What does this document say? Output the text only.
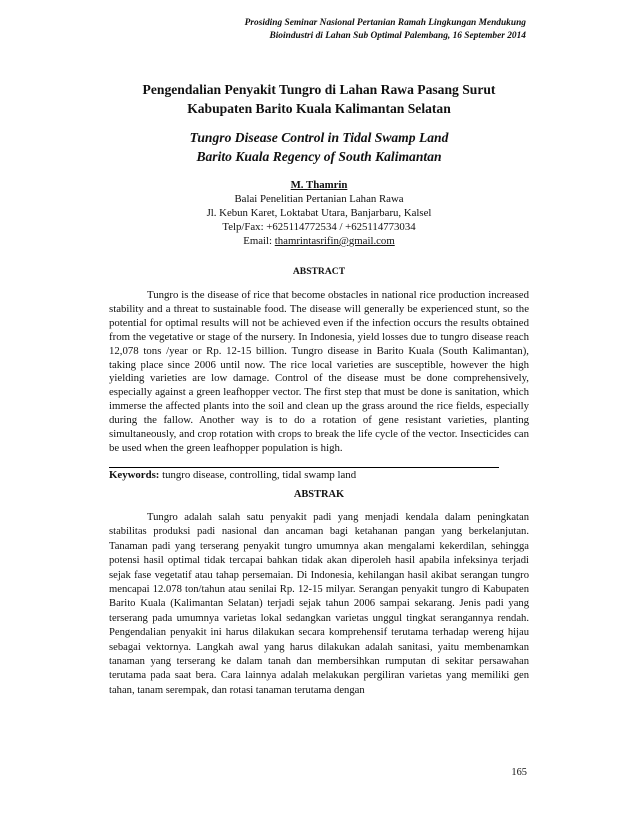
Prosiding Seminar Nasional Pertanian Ramah Lingkungan Mendukung
Bioindustri di Lahan Sub Optimal Palembang, 16 September 2014
Pengendalian Penyakit Tungro di Lahan Rawa Pasang Surut
Kabupaten Barito Kuala Kalimantan Selatan
Tungro Disease Control in Tidal Swamp Land
Barito Kuala Regency of South Kalimantan
M. Thamrin
Balai Penelitian Pertanian Lahan Rawa
Jl. Kebun Karet, Loktabat Utara, Banjarbaru, Kalsel
Telp/Fax: +625114772534 / +625114773034
Email: thamrintasrifin@gmail.com
ABSTRACT

Tungro is the disease of rice that become obstacles in national rice production increased stability and a threat to sustainable food. The disease will generally be experienced stunt, so the potential for optimal results will not be achieved even if the infection occurs the results obtained from the vegetative or stage of the nursery. In Indonesia, yield losses due to tungro disease reach 12,078 tons /year or Rp. 12-15 billion. Tungro disease in Barito Kuala (South Kalimantan), taking place since 2006 until now. The rice local varieties are susceptible, however the high yielding varieties are low damage. Control of the disease must be done comprehensively, especially against a green leafhopper vector. The first step that must be done is sanitation, which immerse the affected plants into the soil and clean up the grass around the rice fields, especially during the fallow. Another way is to do a rotation of gene resistant varieties, planting simultaneously, and crop rotation with crops to break the life cycle of the vector. Insecticides can be used when the green leafhopper population is high.

Keywords: tungro disease, controlling, tidal swamp land
ABSTRAK

Tungro adalah salah satu penyakit padi yang menjadi kendala dalam peningkatan stabilitas produksi padi nasional dan ancaman bagi ketahanan pangan yang berkelanjutan. Tanaman padi yang terserang penyakit tungro umumnya akan mengalami kekerdilan, sehingga potensi hasil optimal tidak tercapai bahkan tidak akan diperoleh hasil apabila infeksinya terjadi sejak fase vegetatif atau tahap persemaian. Di Indonesia, kehilangan hasil akibat serangan tungro mencapai 12.078 ton/tahun atau senilai Rp. 12-15 milyar. Serangan penyakit tungro di Kabupaten Barito Kuala (Kalimantan Selatan) terjadi sejak tahun 2006 sampai sekarang. Jenis padi yang terserang pada umumnya varietas lokal sedangkan varietas unggul tingkat serangannya rendah. Pengendalian penyakit ini harus dilakukan secara komprehensif terutama terhadap wereng hijau sebagai vektornya. Langkah awal yang harus dilakukan adalah sanitasi, yaitu membenamkan tanaman yang terserang ke dalam tanah dan membersihkan rumputan di sekitar persawahan terutama pada saat bera. Cara lainnya adalah melakukan pergiliran varietas yang memiliki gen tahan, tanam serempak, dan rotasi tanaman terutama dengan

165
